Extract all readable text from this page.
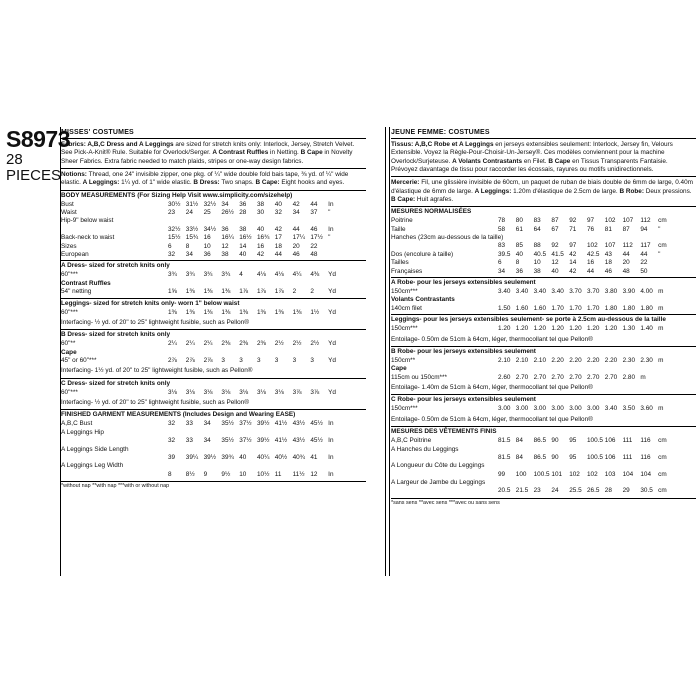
S8973
28 PIECES
MISSES' COSTUMES
Fabrics: A,B,C Dress and A Leggings are sized for stretch knits only: Interlock, Jersey, Stretch Velvet. See Pick-A-Knit® Rule. Suitable for Overlock/Serger. A Contrast Ruffles in Netting. B Cape in Novelty Sheer Fabrics. Extra fabric needed to match plaids, stripes or one-way design fabrics.
Notions: Thread, one 24" invisible zipper, one pkg. of ¼" wide double fold bais tape, ⅜ yd. of ¼" wide elastic. A Leggings: 1¼ yd. of 1" wide elastic. B Dress: Two snaps. B Cape: Eight hooks and eyes.
BODY MEASUREMENTS (For Sizing Help Visit www.simplicity.com/sizehelp)
Bust	30½ 31½ 32½ 34	36	38	40	42	44	In
Waist	23	24	25	26½ 28	30	32	34	37	"
Hip-9" below waist
32½ 33½ 34½ 36	38	40	42	44	46	In
Back-neck to waist	15½ 15¾ 16	16¼ 16½ 16¾ 17	17¼ 17½ "
Sizes	6	8	10	12	14	16	18	20	22
European	32	34	36	38	40	42	44	46	48
A Dress- sized for stretch knits only
60"***	3¾	3¾	3¾	3¾	4	4⅛	4⅛	4¼	4⅜	Yd
Contrast Ruffles
54" netting	1⅝	1⅜	1⅜	1⅜	1⅞	1⅞	1⅞	2	2	Yd
Leggings- sized for stretch knits only- worn 1" below waist
60"***	1⅜	1⅜	1⅜	1⅜	1⅜	1⅜	1⅜	1⅜	1½	Yd
Interfacing- ½ yd. of 20" to 25" lightweight fusible, such as Pellon®
B Dress- sized for stretch knits only
60"**	2¼	2¼	2¼	2⅜	2⅜	2⅜	2½	2½	2½	Yd
Cape
45" or 60"***	2⅞	2⅞	2⅞	3	3	3	3	3	3	Yd
Interfacing- 1½ yd. of 20" to 25" lightweight fusible, such as Pellon®
C Dress- sized for stretch knits only
60"***	3⅛	3⅛	3⅛	3⅛	3⅛	3⅛	3⅛	3⅞	3⅞	Yd
Interfacing- ½ yd. of 20" to 25" lightweight fusible, such as Pellon®
FINISHED GARMENT MEASUREMENTS (Includes Design and Wearing EASE)
A,B,C Bust	32	33	34	35½ 37½ 39½ 41½ 43½ 45½ In
A Leggings Hip
32	33	34	35½ 37½ 39½ 41½ 43½ 45½ In
A Leggings Side Length
39	39¼ 39½ 39¾ 40	40¼ 40½ 40¾ 41	In
A Leggings Leg Width
8	8½	9	9½	10	10½ 11	11½ 12	In
*without nap **with nap ***with or without nap
JEUNE FEMME: COSTUMES
Tissus: A,B,C Robe et A Leggings en jerseys extensibles seulement: Interlock, Jersey fin, Velours Extensible. Voyez la Règle-Pour-Choisir-Un-Jersey®. Ces modèles conviennent pour la machine Overlock/Surjeteuse. A Volants Contrastants en Filet. B Cape en Tissus Transparents Fantaisie. Prévoyez davantage de tissu pour raccorder les écossais, rayures ou motifs unidirectionnels.
Mercerie: Fil, une glissière invisible de 60cm, un paquet de ruban de biais double de 6mm de large, 0.40m d'élastique de 6mm de large. A Leggings: 1.20m d'élastique de 2.5cm de large. B Robe: Deux pressions. B Cape: Huit agrafes.
MESURES NORMALISÉES
Poitrine	78	80	83	87	92	97	102	107	112	cm
Taille	58	61	64	67	71	76	81	87	94	"
Hanches (23cm au-dessous de la taille)
83	85	88	92	97	102	107	112	117	cm
Dos (encolure à taille)	39.5 40	40.5 41.5 42	42.5 43	44	44	"
Tailles	6	8	10	12	14	16	18	20	22
Françaises	34	36	38	40	42	44	46	48	50
A Robe- pour les jerseys extensibles seulement
150cm***	3.40 3.40 3.40 3.40 3.70 3.70 3.80 3.90 4.00 m
Volants Contrastants
140cm filet	1.50 1.60 1.60 1.70 1.70 1.70 1.80 1.80 1.80 m
Leggings- pour les jerseys extensibles seulement- se porte à 2.5cm au-dessous de la taille
150cm***	1.20 1.20 1.20 1.20 1.20 1.20 1.20 1.30 1.40 m
Entoilage- 0.50m de 51cm à 64cm, léger, thermocollant tel que Pellon®
B Robe- pour les jerseys extensibles seulement
150cm**	2.10 2.10 2.10 2.20 2.20 2.20 2.20 2.30 2.30 m
Cape
115cm ou 150cm***	2.60 2.70 2.70 2.70 2.70 2.70 2.70 2.80 m
Entoilage- 1.40m de 51cm à 64cm, léger, thermocollant tel que Pellon®
C Robe- pour les jerseys extensibles seulement
150cm***	3.00 3.00 3.00 3.00 3.00 3.00 3.40 3.50 3.60 m
Entoilage- 0.50m de 51cm à 64cm, léger, thermocollant tel que Pellon®
MESURES DES VÊTEMENTS FINIS
A,B,C Poitrine	81.5 84	86.5 90	95	100.5 106	111	116	cm
A Hanches du Leggings
81.5 84	86.5 90	95	100.5 106	111	116	cm
A Longueur du Côte du Leggings
99	100	100.5 101	102	102	103	104	104	cm
A Largeur de Jambe du Leggings
20.5 21.5 23	24	25.5 26.5 28	29	30.5 cm
*sans sens **avec sens ***avec ou sans sens
